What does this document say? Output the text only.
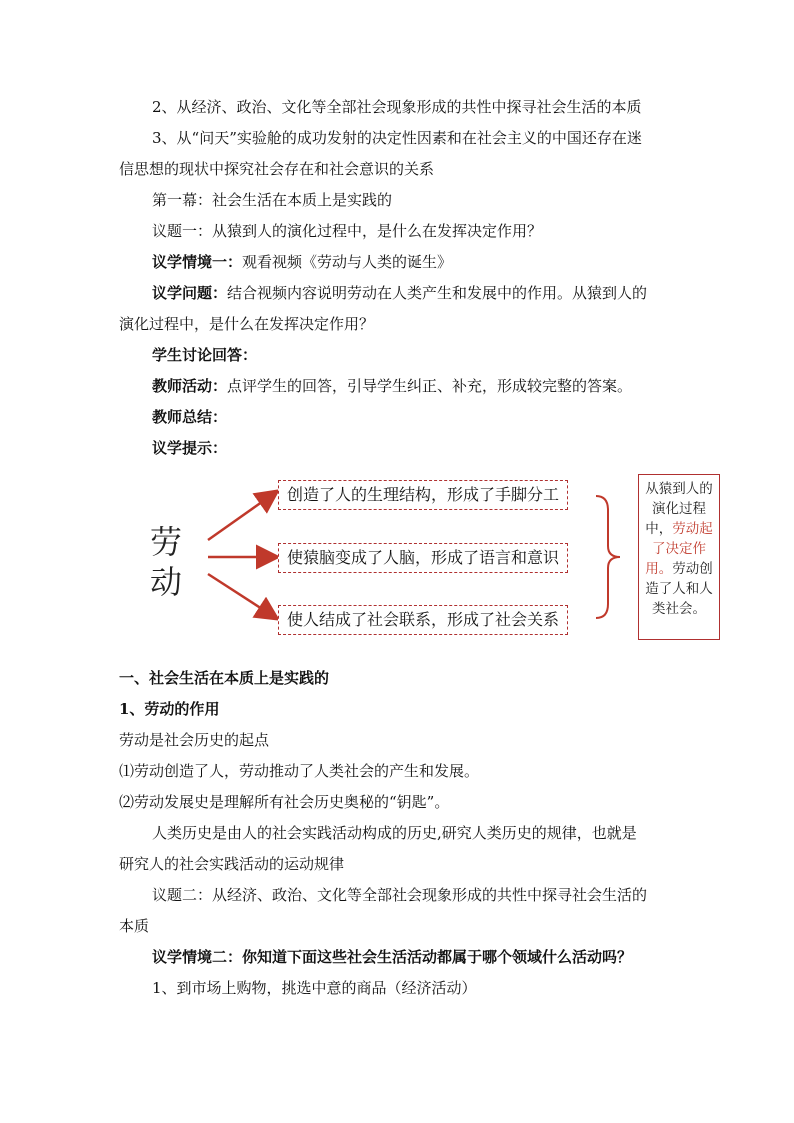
2、从经济、政治、文化等全部社会现象形成的共性中探寻社会生活的本质
3、从“问天”实验舱的成功发射的决定性因素和在社会主义的中国还存在迷
信思想的现状中探究社会存在和社会意识的关系
第一幕：社会生活在本质上是实践的
议题一：从猿到人的演化过程中，是什么在发挥决定作用？
议学情境一：观看视频《劳动与人类的诞生》
议学问题：结合视频内容说明劳动在人类产生和发展中的作用。从猿到人的
演化过程中，是什么在发挥决定作用？
学生讨论回答：
教师活动：点评学生的回答，引导学生纠正、补充，形成较完整的答案。
教师总结：
议学提示：
劳
动
创造了人的生理结构，形成了手脚分工
使猿脑变成了人脑，形成了语言和意识
使人结成了社会联系，形成了社会关系
从猿到人的演化过程中，劳动起了决定作用。劳动创造了人和人类社会。
一、社会生活在本质上是实践的
1、劳动的作用
劳动是社会历史的起点
⑴劳动创造了人，劳动推动了人类社会的产生和发展。
⑵劳动发展史是理解所有社会历史奥秘的“钥匙”。
人类历史是由人的社会实践活动构成的历史,研究人类历史的规律，也就是
研究人的社会实践活动的运动规律
议题二：从经济、政治、文化等全部社会现象形成的共性中探寻社会生活的
本质
议学情境二：你知道下面这些社会生活活动都属于哪个领域什么活动吗？
1、到市场上购物，挑选中意的商品（经济活动）
